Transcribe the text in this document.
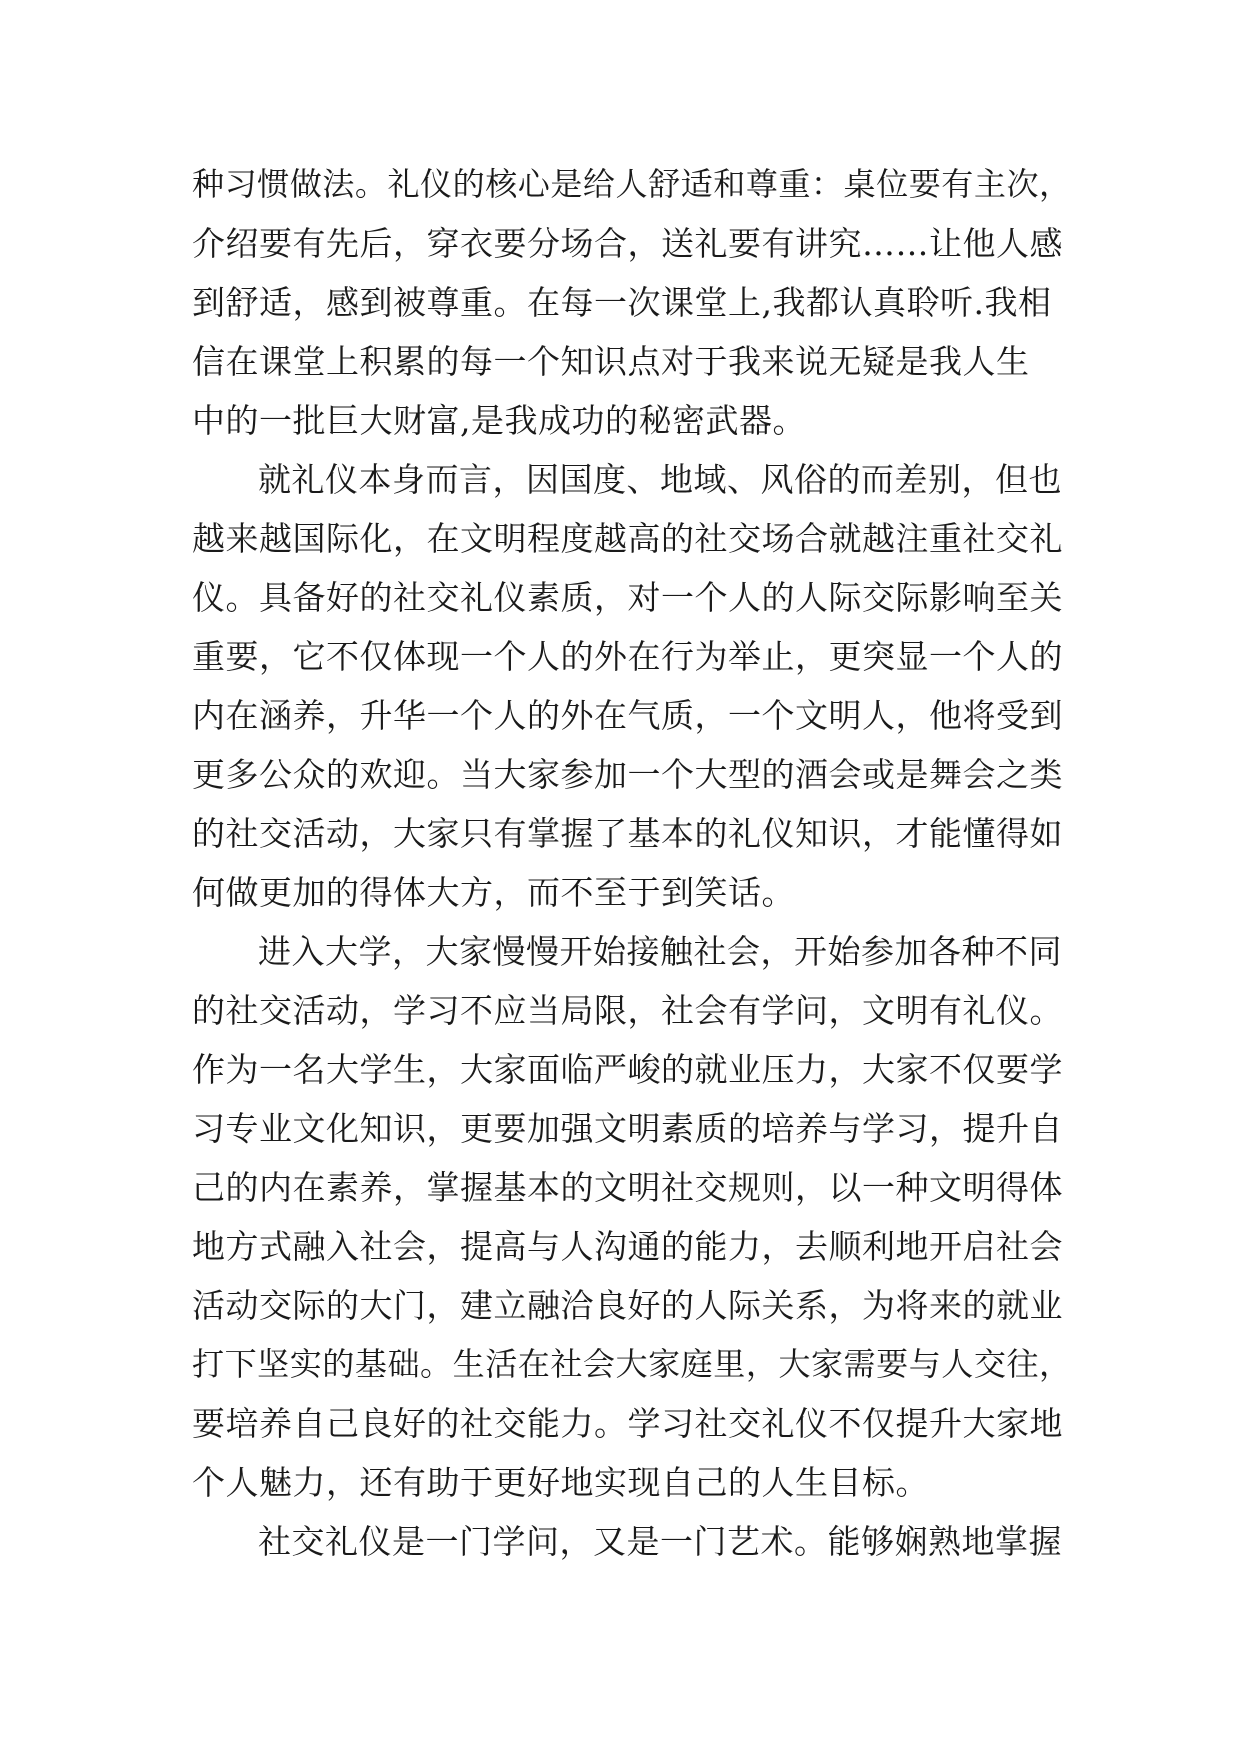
种习惯做法。礼仪的核心是给人舒适和尊重：桌位要有主次，
介绍要有先后，穿衣要分场合，送礼要有讲究……让他人感
到舒适，感到被尊重。在每一次课堂上,我都认真聆听.我相
信在课堂上积累的每一个知识点对于我来说无疑是我人生
中的一批巨大财富,是我成功的秘密武器。
就礼仪本身而言，因国度、地域、风俗的而差别，但也
越来越国际化，在文明程度越高的社交场合就越注重社交礼
仪。具备好的社交礼仪素质，对一个人的人际交际影响至关
重要，它不仅体现一个人的外在行为举止，更突显一个人的
内在涵养，升华一个人的外在气质，一个文明人，他将受到
更多公众的欢迎。当大家参加一个大型的酒会或是舞会之类
的社交活动，大家只有掌握了基本的礼仪知识，才能懂得如
何做更加的得体大方，而不至于到笑话。
进入大学，大家慢慢开始接触社会，开始参加各种不同
的社交活动，学习不应当局限，社会有学问，文明有礼仪。
作为一名大学生，大家面临严峻的就业压力，大家不仅要学
习专业文化知识，更要加强文明素质的培养与学习，提升自
己的内在素养，掌握基本的文明社交规则，以一种文明得体
地方式融入社会，提高与人沟通的能力，去顺利地开启社会
活动交际的大门，建立融洽良好的人际关系，为将来的就业
打下坚实的基础。生活在社会大家庭里，大家需要与人交往，
要培养自己良好的社交能力。学习社交礼仪不仅提升大家地
个人魅力，还有助于更好地实现自己的人生目标。
社交礼仪是一门学问，又是一门艺术。能够娴熟地掌握
